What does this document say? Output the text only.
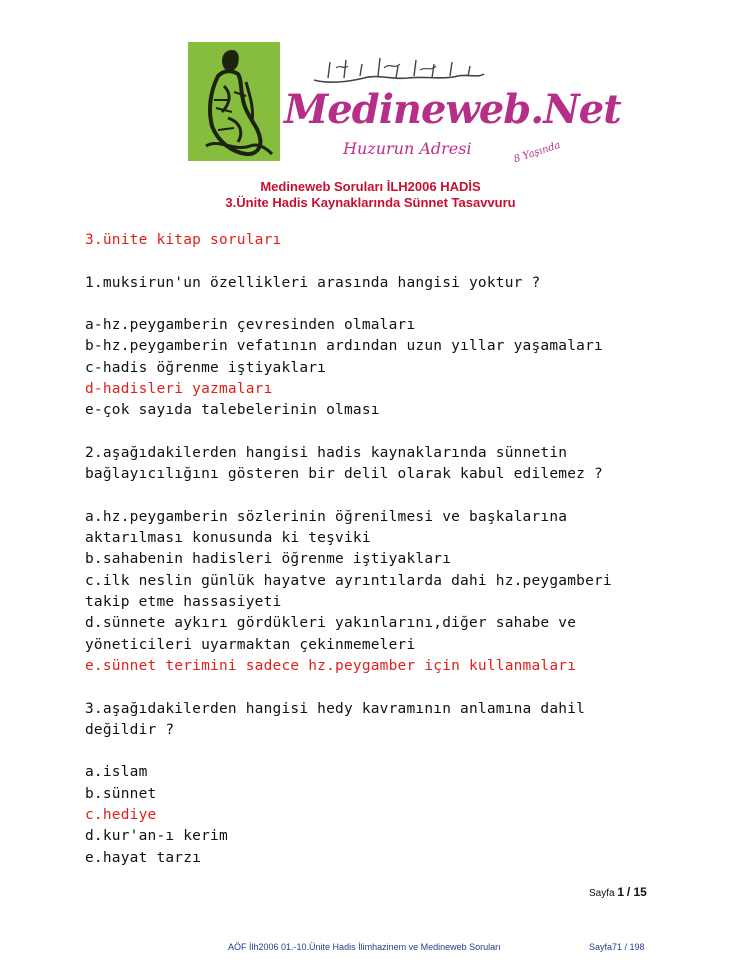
Medineweb.Net
Huzurun Adresi	8 Yaşında
Medineweb Soruları İLH2006 HADİS
3.Ünite Hadis Kaynaklarında Sünnet Tasavvuru
3.ünite kitap soruları
1.muksirun'un özellikleri arasında hangisi yoktur ?
a-hz.peygamberin çevresinden olmaları
b-hz.peygamberin vefatının ardından uzun yıllar yaşamaları
c-hadis öğrenme iştiyakları
d-hadisleri yazmaları
e-çok sayıda talebelerinin olması
2.aşağıdakilerden hangisi hadis kaynaklarında sünnetin
bağlayıcılığını gösteren bir delil olarak kabul edilemez ?
a.hz.peygamberin sözlerinin öğrenilmesi ve başkalarına
aktarılması konusunda ki teşviki
b.sahabenin hadisleri öğrenme iştiyakları
c.ilk neslin günlük hayatve ayrıntılarda dahi hz.peygamberi
takip etme hassasiyeti
d.sünnete aykırı gördükleri yakınlarını,diğer sahabe ve
yöneticileri uyarmaktan çekinmemeleri
e.sünnet terimini sadece hz.peygamber için kullanmaları
3.aşağıdakilerden hangisi hedy kavramının anlamına dahil
değildir ?
a.islam
b.sünnet
c.hediye
d.kur'an-ı kerim
e.hayat tarzı
Sayfa 1 / 15
AÖF İlh2006 01.-10.Ünite Hadis İlimhazinem ve Medineweb Soruları	Sayfa71 / 198
